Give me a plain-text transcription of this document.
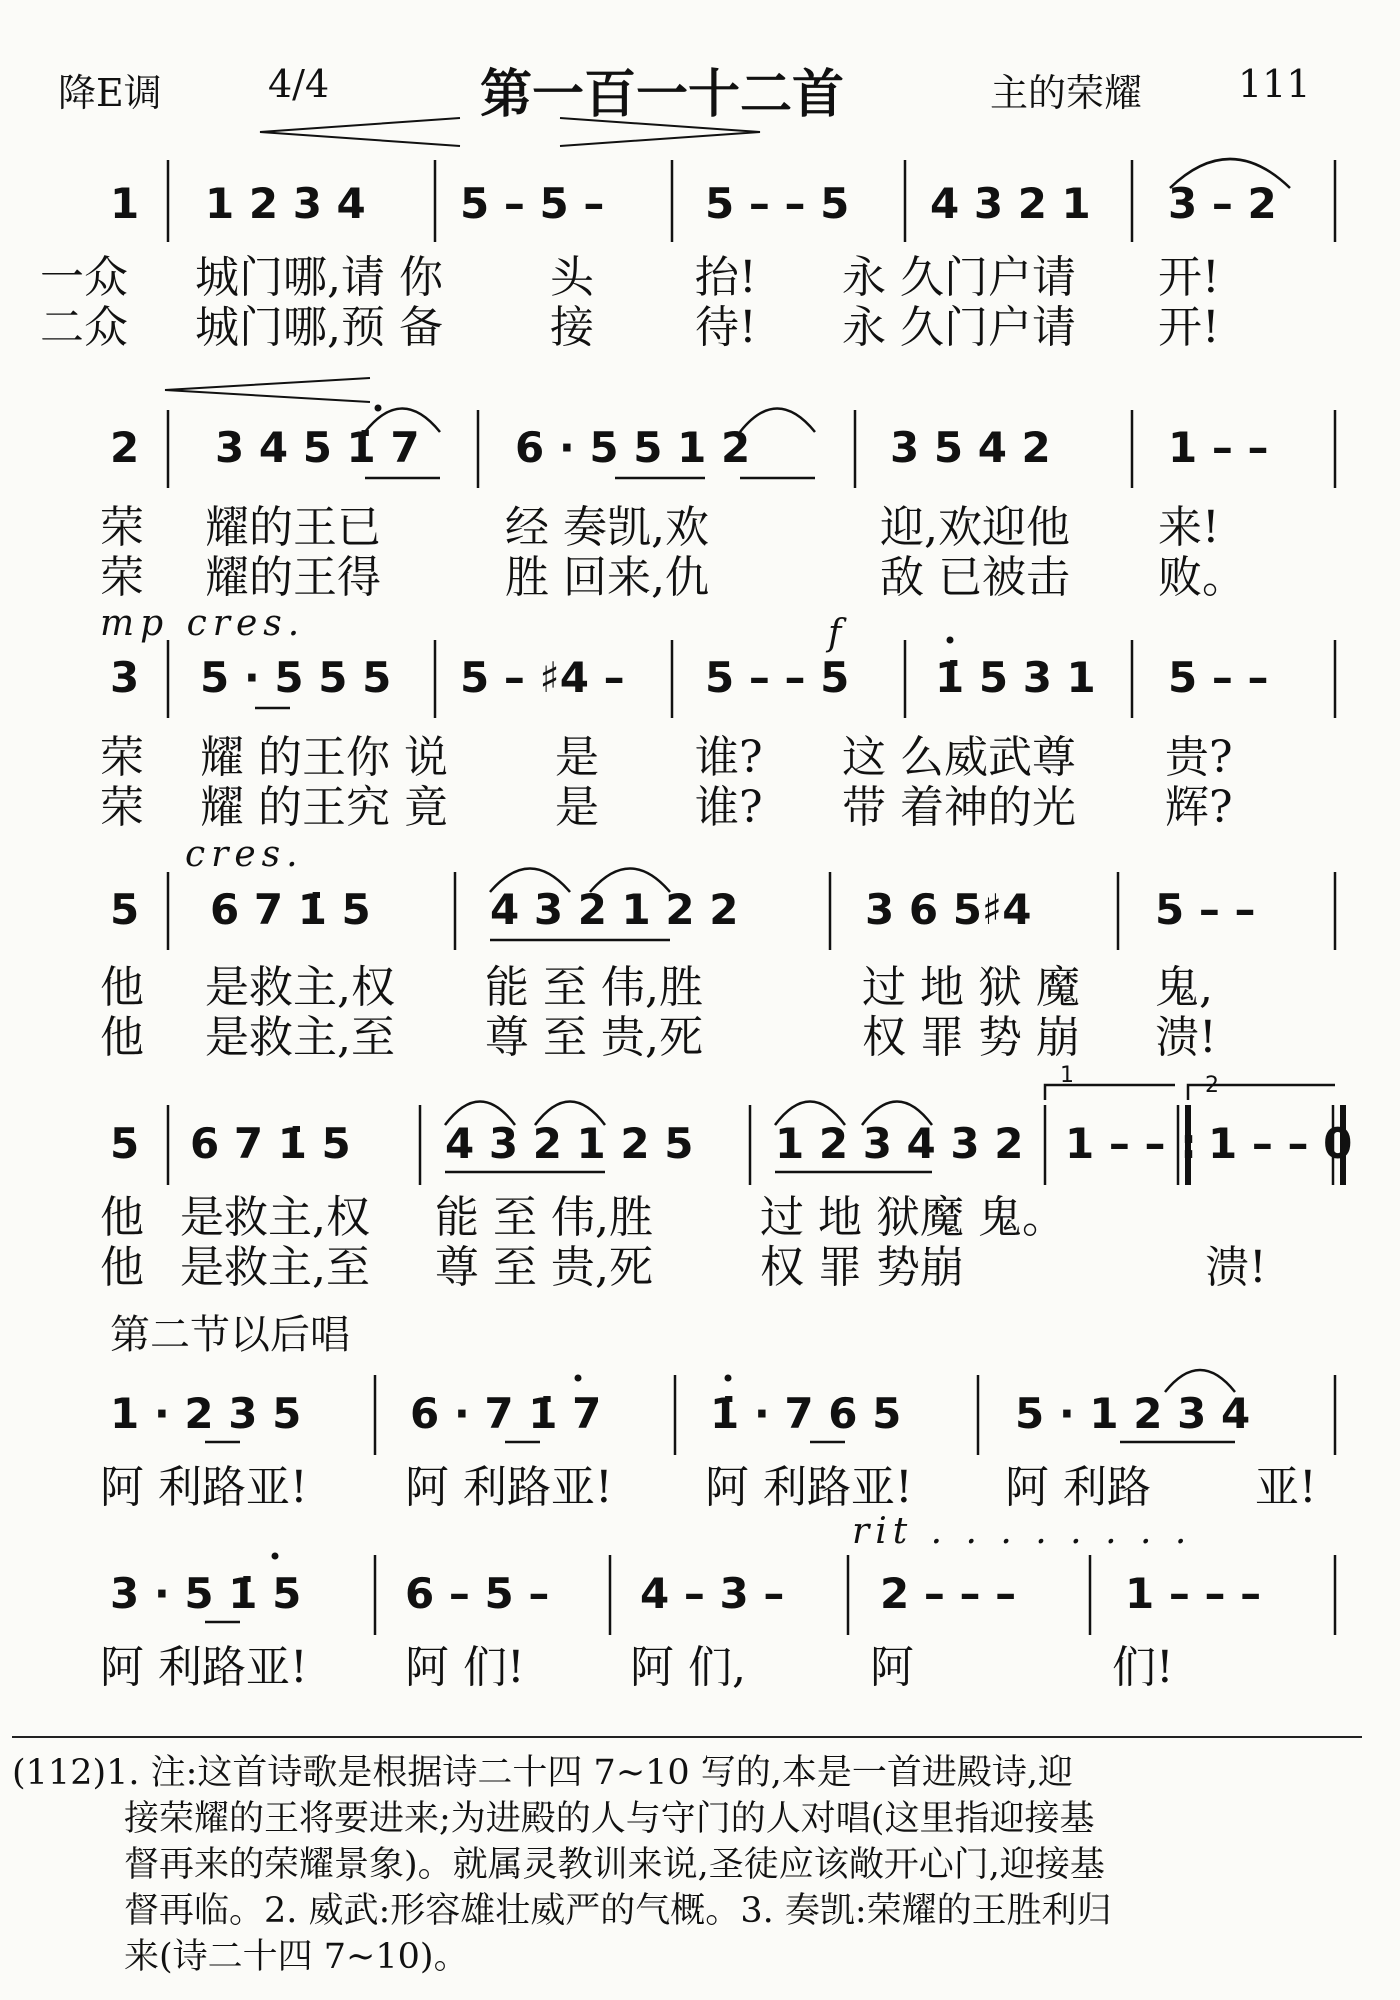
降E调	4/4	第一百一十二首	主的荣耀	111
1 1 2 3 4 5 – 5 – 5 – – 5 4 3 2 1 3 – 2
一众 城门哪,请 你 头 抬! 永 久门户请 开!
二众 城门哪,预 备 接 待! 永 久门户请 开!
2 3 4 5 1̇ 7 6 · 5 5 1 2	3 5 4 2	1 – –
荣 耀的王已	经 奏凯,欢	迎,欢迎他 来!
荣 耀的王得	胜 回来,仇	敌 已被击 败。
mp cres.	f
3 5 · 5 5 5 5 – ♯4 – 5 – – 5 1̇ 5 3 1 5 – –
荣 耀 的王你 说 是 谁? 这 么威武尊 贵?
荣 耀 的王究 竟 是 谁? 带 着神的光 辉?
cres.
5 6 7 1̇ 5	4 3 2 1 2 2	3 6 5♯4	5 – –
他 是救主,权 能 至 伟,胜	过 地 狱 魔 鬼,
他 是救主,至 尊 至 贵,死	权 罪 势 崩 溃!
1	2
5 6 7 1̇ 5 4 3 2 1 2 5 1 2 3 4 3 2 1 – – : 1 – – 0
他 是救主,权 能 至 伟,胜 过 地 狱魔 鬼。
他 是救主,至 尊 至 贵,死 权 罪 势崩	溃!
第二节以后唱
1 · 2 3 5	6 · 7 1̇ 7	1̇ · 7 6 5	5 · 1 2 3 4
阿 利路亚! 阿 利路亚! 阿 利路亚! 阿 利路 亚!
rit . . . . . . . .
3 · 5 1̇ 5 6 – 5 – 4 – 3 – 2 – – –	1 – – –
阿 利路亚! 阿 们! 阿 们,	阿	们!
(112)1. 注:这首诗歌是根据诗二十四 7~10 写的,本是一首进殿诗,迎
接荣耀的王将要进来;为进殿的人与守门的人对唱(这里指迎接基
督再来的荣耀景象)。就属灵教训来说,圣徒应该敞开心门,迎接基
督再临。2. 威武:形容雄壮威严的气概。3. 奏凯:荣耀的王胜利归
来(诗二十四 7~10)。
